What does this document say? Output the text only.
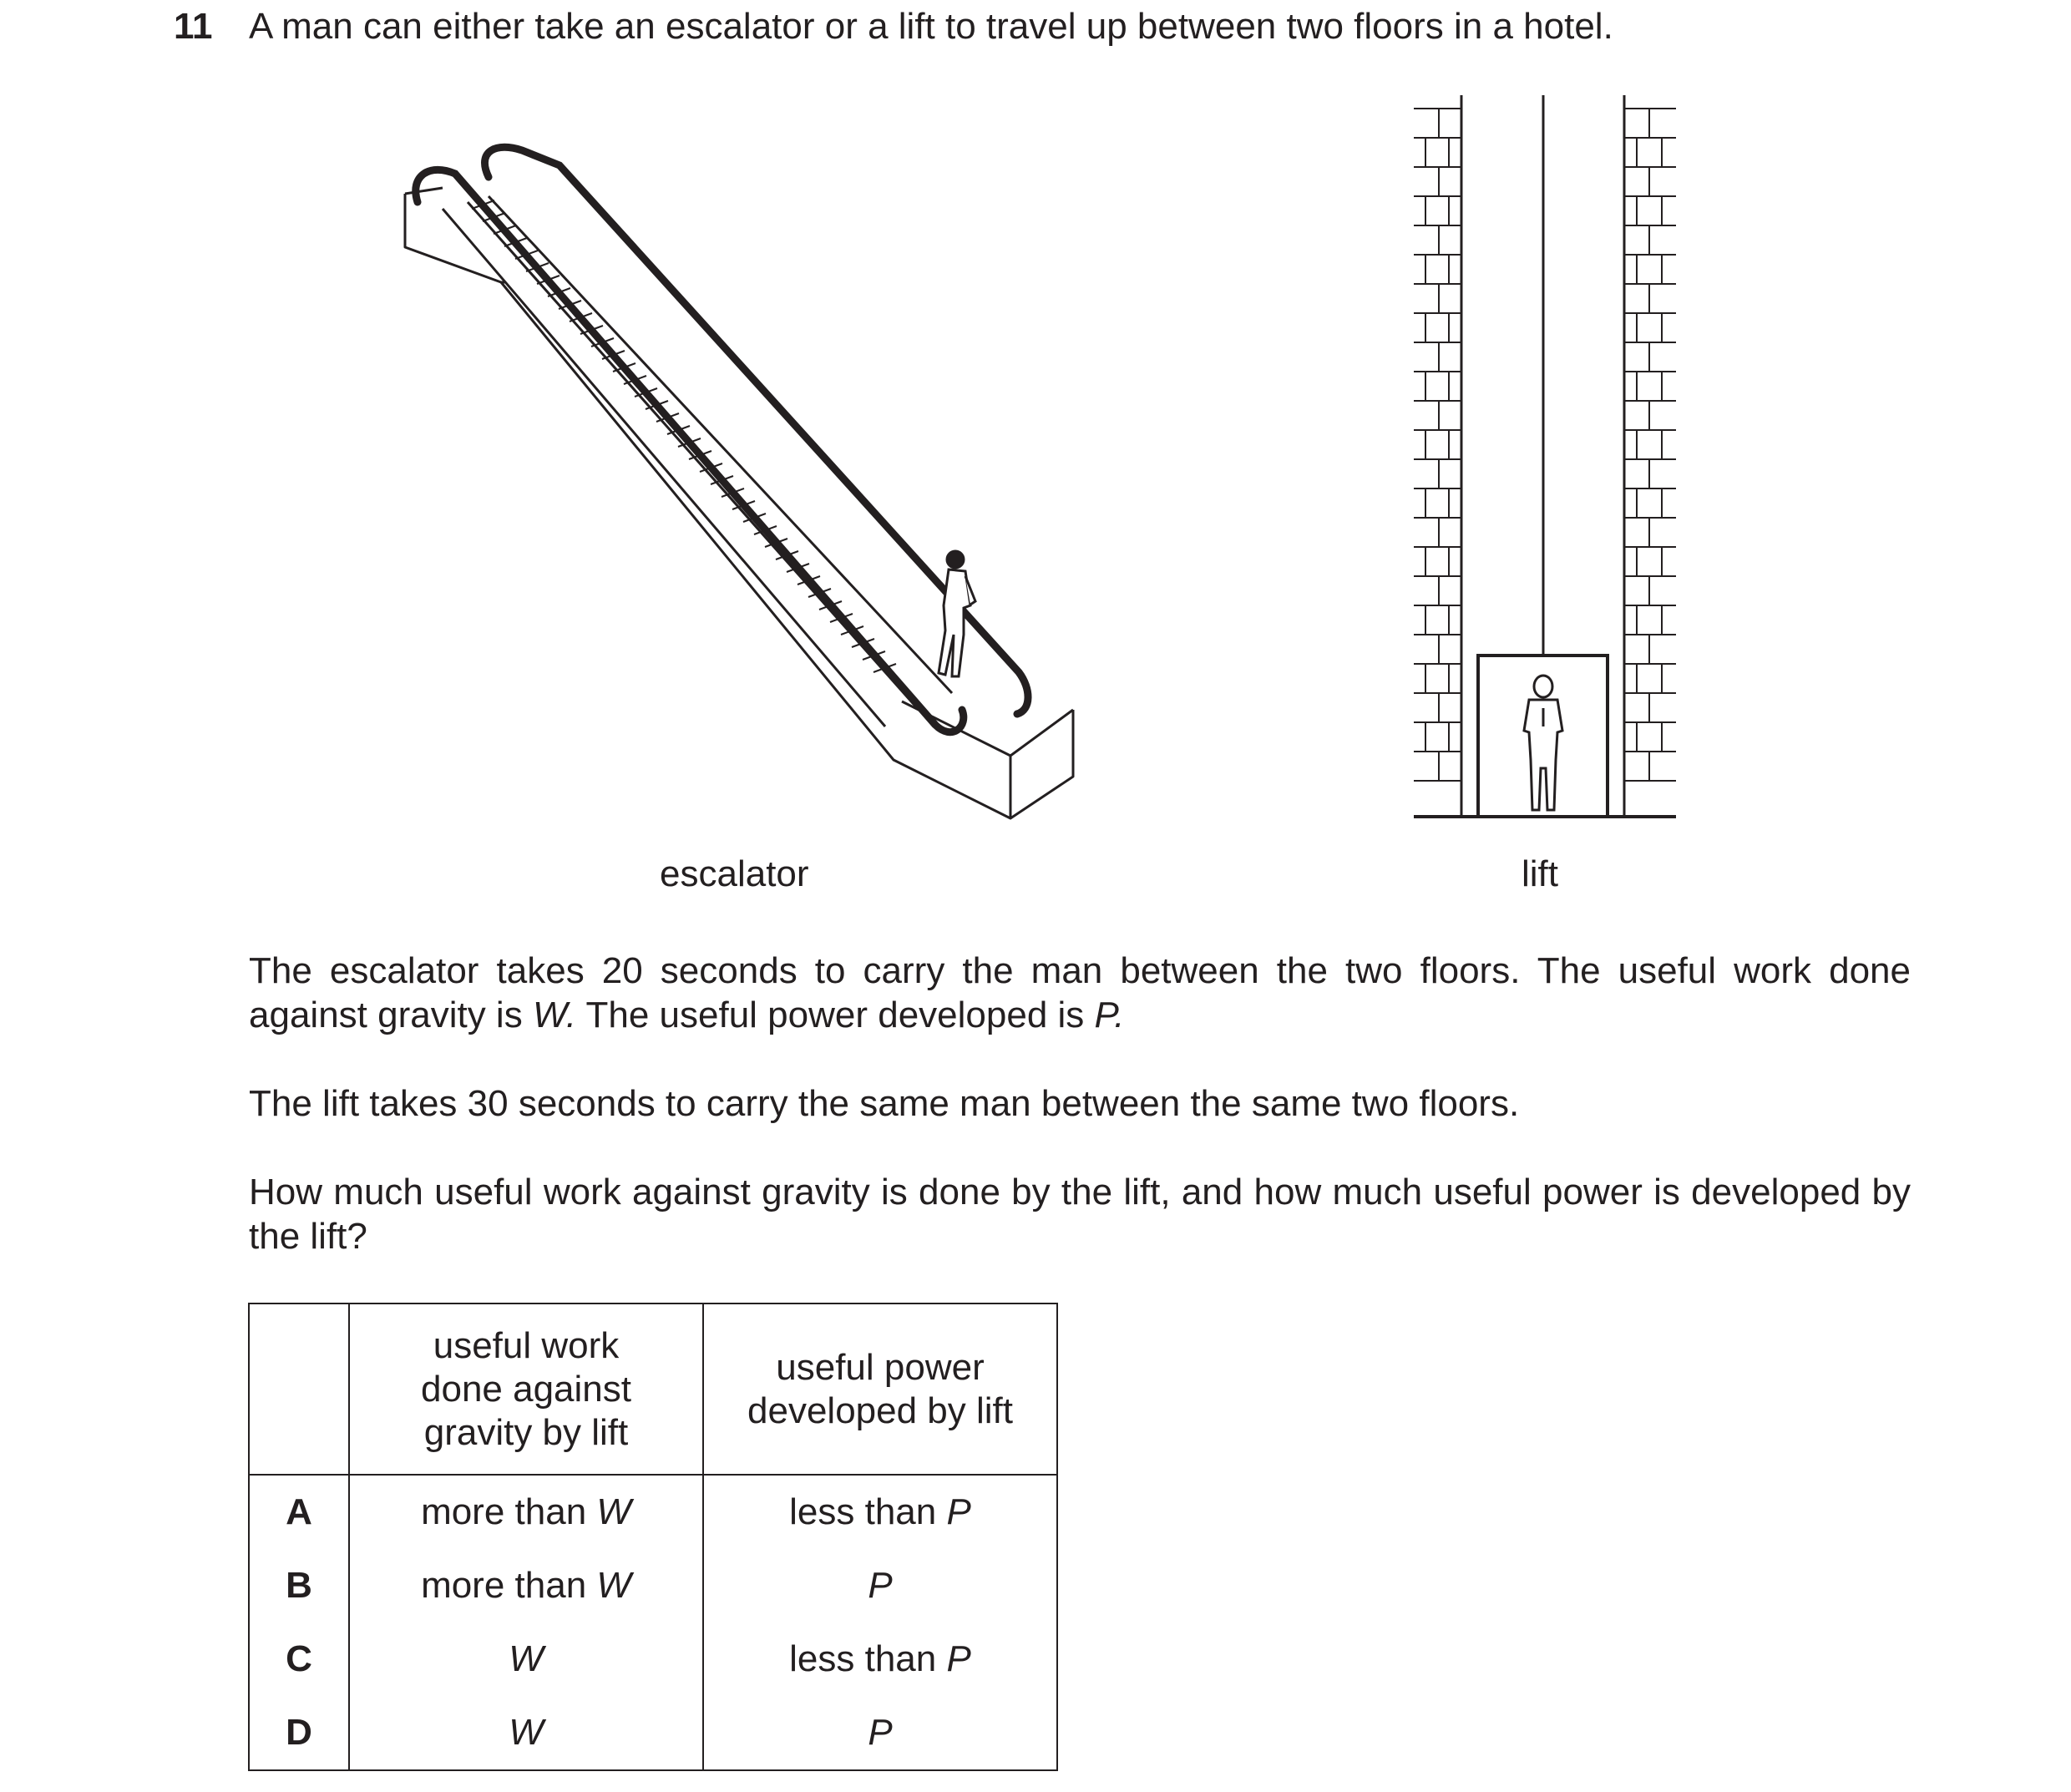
11 A man can either take an escalator or a lift to travel up between two floors in a hotel.
escalator	lift
The escalator takes 20 seconds to carry the man between the two floors. The useful work done against gravity is W. The useful power developed is P.
The lift takes 30 seconds to carry the same man between the same two floors.
How much useful work against gravity is done by the lift, and how much useful power is developed by the lift?
	useful work
done against
gravity by lift	useful power
developed by lift
A	more than W	less than P
B	more than W	P
C	W	less than P
D	W	P
